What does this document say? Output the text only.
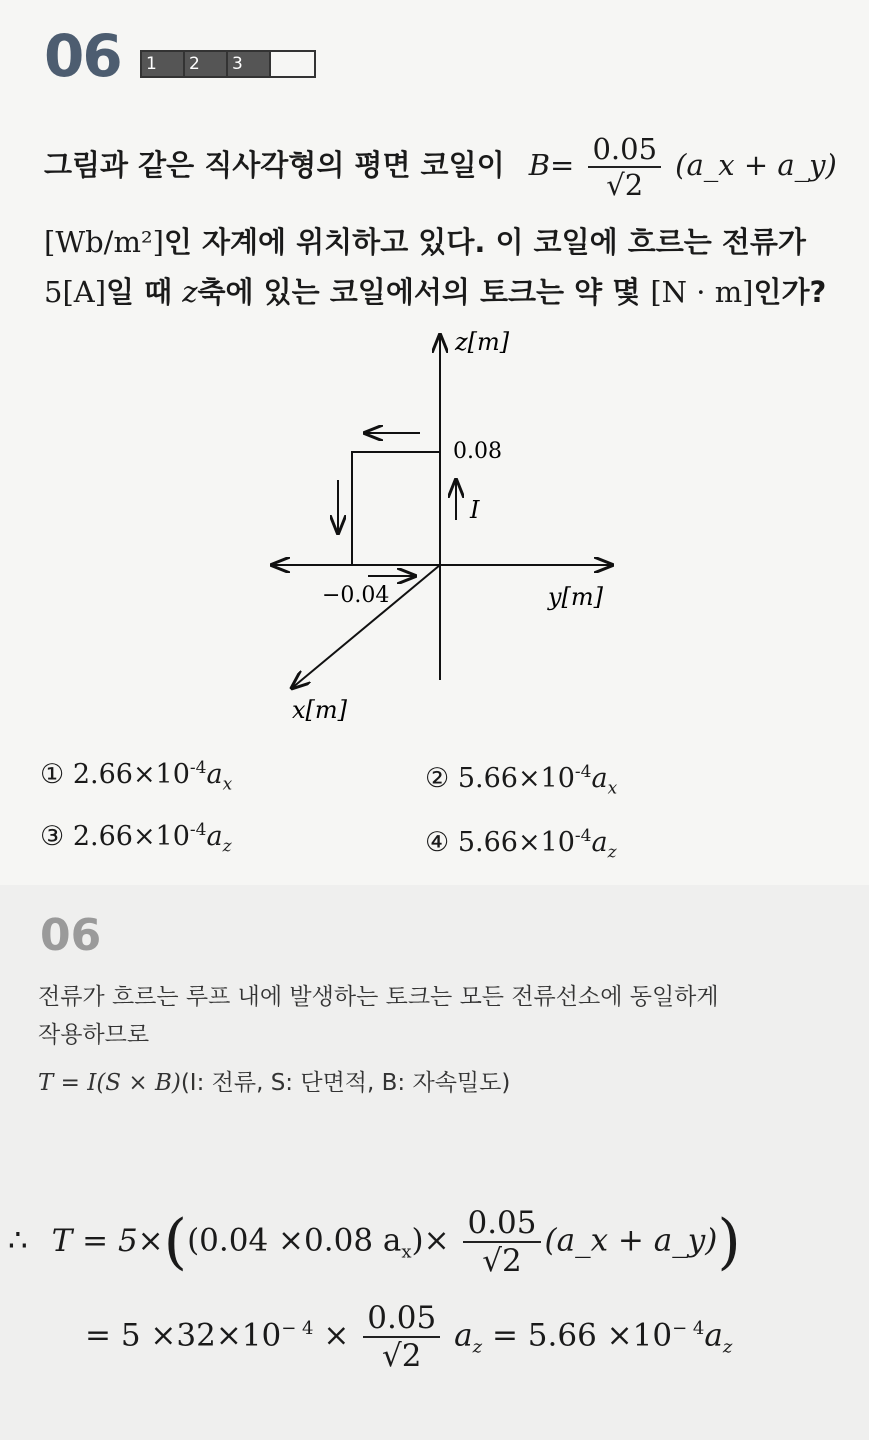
06 1	2	3
그림과 같은 직사각형의 평면 코일이 $B= \frac{0.05}{√2}$ (a_x + a_y)
[Wb/m²]인 자계에 위치하고 있다. 이 코일에 흐르는 전류가
5[A]일 때 z축에 있는 코일에서의 토크는 약 몇 [N · m]인가?
z[m]
0.08
I
−0.04	y[m]
x[m]
① $2.66\times 10^{-4}a_x$	② $5.66\times 10^{-4}a_x$
③ $2.66\times 10^{-4}a_z$	④ $5.66\times 10^{-4}a_z$
06
전류가 흐르는 루프 내에 발생하는 토크는 모든 전류선소에 동일하게
작용하므로
T = I(S × B)(I: 전류, S: 단면적, B: 자속밀도)
∴ T = 5×((0.04 ×0.08 $a_x)\times \frac{0.05}{√2}$ (a_x + a_y))
= $5 \times 32\times 10^{- 4} \times \frac{0.05}{√2} a_z = 5.66 \times 10^{- 4}a_z$
